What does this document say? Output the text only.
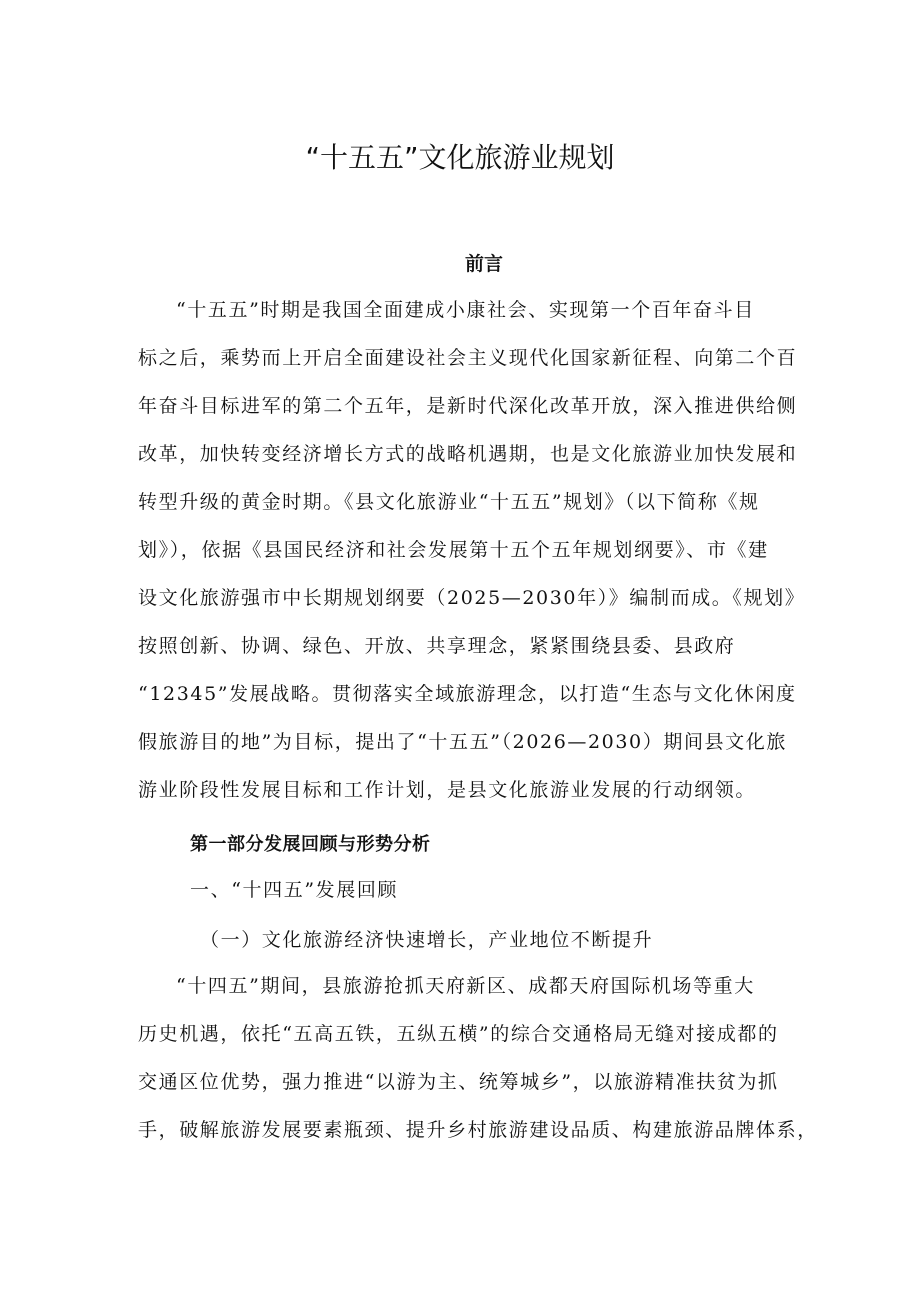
“十五五”文化旅游业规划
前言
“十五五”时期是我国全面建成小康社会、实现第一个百年奋斗目
标之后，乘势而上开启全面建设社会主义现代化国家新征程、向第二个百
年奋斗目标进军的第二个五年，是新时代深化改革开放，深入推进供给侧
改革，加快转变经济增长方式的战略机遇期，也是文化旅游业加快发展和
转型升级的黄金时期。《县文化旅游业“十五五”规划》（以下简称《规
划》），依据《县国民经济和社会发展第十五个五年规划纲要》、市《建
设文化旅游强市中长期规划纲要（2025—2030年）》编制而成。《规划》
按照创新、协调、绿色、开放、共享理念，紧紧围绕县委、县政府
“12345”发展战略。贯彻落实全域旅游理念，以打造“生态与文化休闲度
假旅游目的地”为目标，提出了“十五五”（2026—2030）期间县文化旅
游业阶段性发展目标和工作计划，是县文化旅游业发展的行动纲领。
第一部分发展回顾与形势分析
一、“十四五”发展回顾
（一）文化旅游经济快速增长，产业地位不断提升
“十四五”期间，县旅游抢抓天府新区、成都天府国际机场等重大
历史机遇，依托“五高五铁，五纵五横”的综合交通格局无缝对接成都的
交通区位优势，强力推进“以游为主、统筹城乡”，以旅游精准扶贫为抓
手，破解旅游发展要素瓶颈、提升乡村旅游建设品质、构建旅游品牌体系，
